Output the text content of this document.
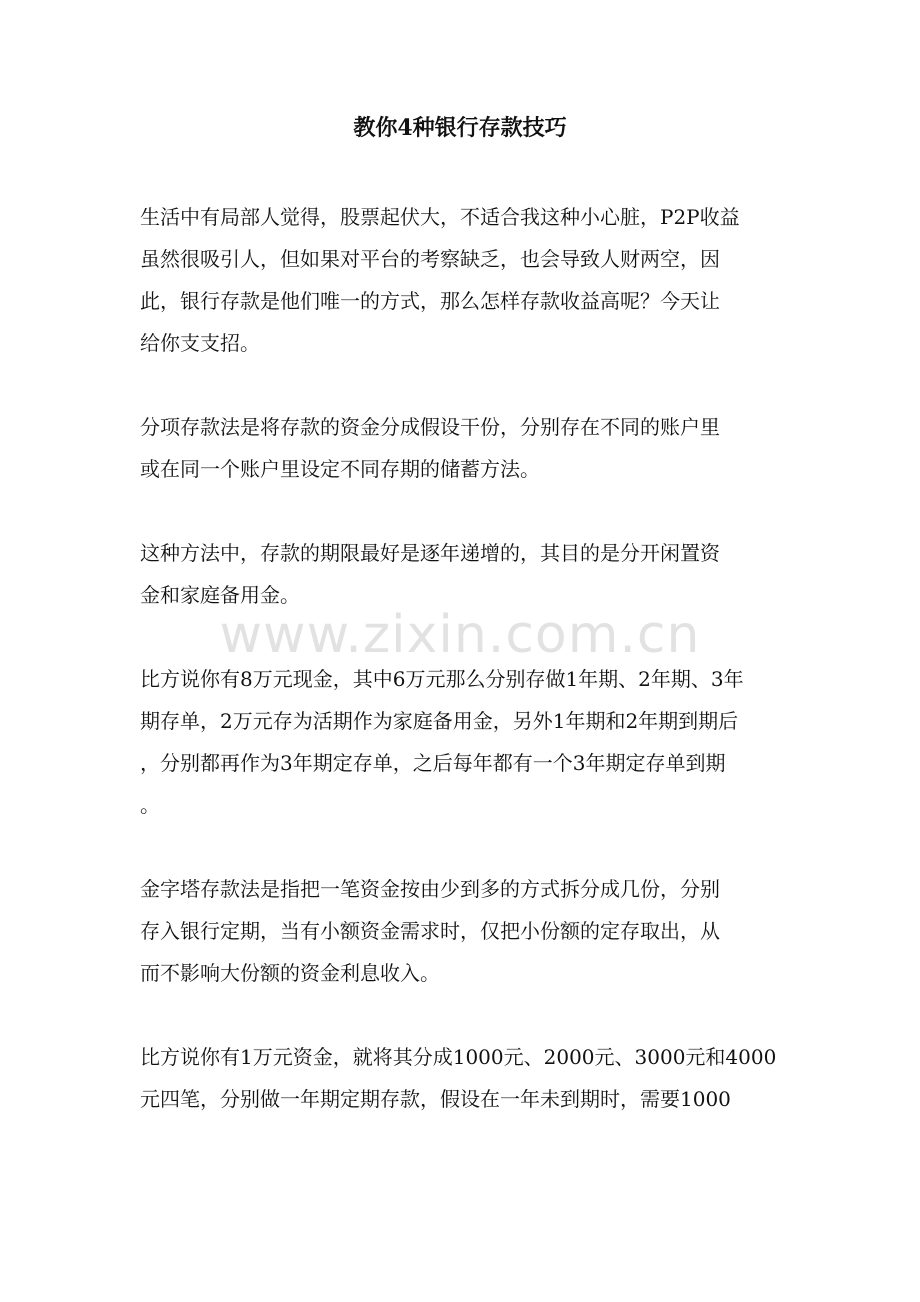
教你4种银行存款技巧
www.zixin.com.cn

生活中有局部人觉得，股票起伏大，不适合我这种小心脏，P2P收益
虽然很吸引人，但如果对平台的考察缺乏，也会导致人财两空，因
此，银行存款是他们唯一的方式，那么怎样存款收益高呢？今天让
给你支支招。

分项存款法是将存款的资金分成假设干份，分别存在不同的账户里
或在同一个账户里设定不同存期的储蓄方法。

这种方法中，存款的期限最好是逐年递增的，其目的是分开闲置资
金和家庭备用金。

比方说你有8万元现金，其中6万元那么分别存做1年期、2年期、3年
期存单，2万元存为活期作为家庭备用金，另外1年期和2年期到期后
，分别都再作为3年期定存单，之后每年都有一个3年期定存单到期
。

金字塔存款法是指把一笔资金按由少到多的方式拆分成几份，分别
存入银行定期，当有小额资金需求时，仅把小份额的定存取出，从
而不影响大份额的资金利息收入。

比方说你有1万元资金，就将其分成1000元、2000元、3000元和4000
元四笔，分别做一年期定期存款，假设在一年未到期时，需要1000
